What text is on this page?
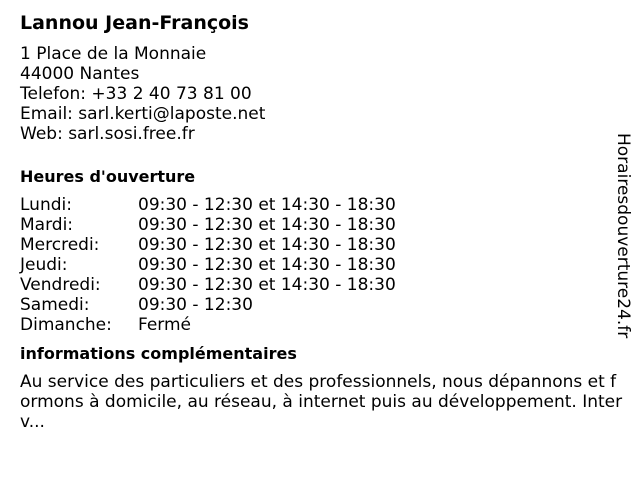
Lannou Jean-François
1 Place de la Monnaie
44000 Nantes
Telefon: +33 2 40 73 81 00
Email: sarl.kerti@laposte.net
Web: sarl.sosi.free.fr
Heures d'ouverture
Lundi:	09:30 - 12:30 et 14:30 - 18:30
Mardi:	09:30 - 12:30 et 14:30 - 18:30
Mercredi:	09:30 - 12:30 et 14:30 - 18:30
Jeudi:	09:30 - 12:30 et 14:30 - 18:30
Vendredi:	09:30 - 12:30 et 14:30 - 18:30
Samedi:	09:30 - 12:30
Dimanche:	Fermé
informations complémentaires
Au service des particuliers et des professionnels, nous dépannons et formons à domicile, au réseau, à internet puis au développement. Interv...
Horairesdouverture24.fr
